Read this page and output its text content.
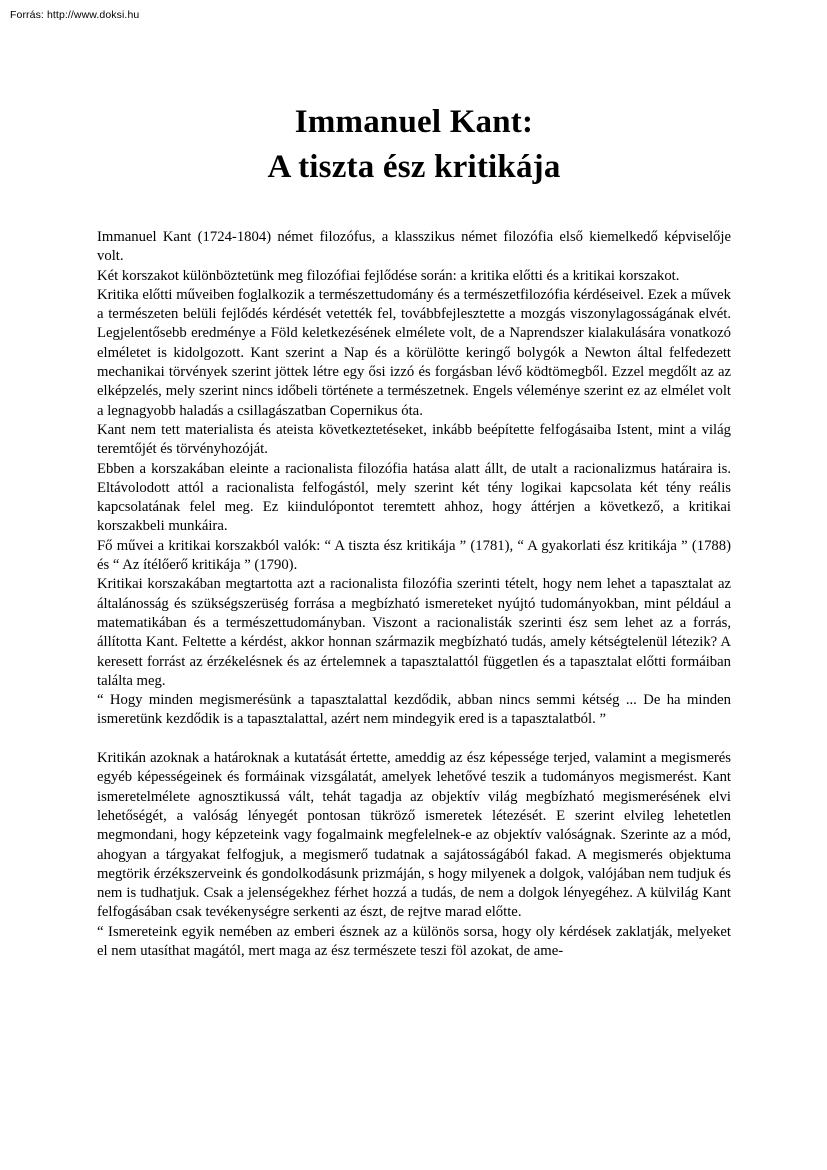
Forrás: http://www.doksi.hu
Immanuel Kant:
A tiszta ész kritikája

Immanuel Kant (1724-1804) német filozófus, a klasszikus német filozófia első kiemelkedő képviselője volt.

Két korszakot különböztetünk meg filozófiai fejlődése során: a kritika előtti és a kritikai korszakot.

Kritika előtti műveiben foglalkozik a természettudomány és a természetfilozófia kérdéseivel. Ezek a művek a természeten belüli fejlődés kérdését vetették fel, továbbfejlesztette a mozgás viszonylagosságának elvét. Legjelentősebb eredménye a Föld keletkezésének elmélete volt, de a Naprendszer kialakulására vonatkozó elméletet is kidolgozott. Kant szerint a Nap és a körülötte keringő bolygók a Newton által felfedezett mechanikai törvények szerint jöttek létre egy ősi izzó és forgásban lévő ködtömegből. Ezzel megdőlt az az elképzelés, mely szerint nincs időbeli története a természetnek. Engels véleménye szerint ez az elmélet volt a legnagyobb haladás a csillagászatban Copernikus óta.

Kant nem tett materialista és ateista következtetéseket, inkább beépítette felfogásaiba Istent, mint a világ teremtőjét és törvényhozóját.

Ebben a korszakában eleinte a racionalista filozófia hatása alatt állt, de utalt a racionalizmus határaira is. Eltávolodott attól a racionalista felfogástól, mely szerint két tény logikai kapcsolata két tény reális kapcsolatának felel meg. Ez kiindulópontot teremtett ahhoz, hogy áttérjen a következő, a kritikai korszakbeli munkáira.

Fő művei a kritikai korszakból valók: “ A tiszta ész kritikája ” (1781), “ A gyakorlati ész kritikája ” (1788) és “ Az ítélőerő kritikája ” (1790).

Kritikai korszakában megtartotta azt a racionalista filozófia szerinti tételt, hogy nem lehet a tapasztalat az általánosság és szükségszerüség forrása a megbízható ismereteket nyújtó tudományokban, mint például a matematikában és a természettudományban. Viszont a racionalisták szerinti ész sem lehet az a forrás, állította Kant. Feltette a kérdést, akkor honnan származik megbízható tudás, amely kétségtelenül létezik? A keresett forrást az érzékelésnek és az értelemnek a tapasztalattól független és a tapasztalat előtti formáiban találta meg.

“ Hogy minden megismerésünk a tapasztalattal kezdődik, abban nincs semmi kétség ... De ha minden ismeretünk kezdődik is a tapasztalattal, azért nem mindegyik ered is a tapasztalatból. ”

Kritikán azoknak a határoknak a kutatását értette, ameddig az ész képessége terjed, valamint a megismerés egyéb képességeinek és formáinak vizsgálatát, amelyek lehetővé teszik a tudományos megismerést. Kant ismeretelmélete agnosztikussá vált, tehát tagadja az objektív világ megbízható megismerésének elvi lehetőségét, a valóság lényegét pontosan tükröző ismeretek létezését. E szerint elvileg lehetetlen megmondani, hogy képzeteink vagy fogalmaink megfelelnek-e az objektív valóságnak. Szerinte az a mód, ahogyan a tárgyakat felfogjuk, a megismerő tudatnak a sajátosságából fakad. A megismerés objektuma megtörik érzékszerveink és gondolkodásunk prizmáján, s hogy milyenek a dolgok, valójában nem tudjuk és nem is tudhatjuk. Csak a jelenségekhez férhet hozzá a tudás, de nem a dolgok lényegéhez. A külvilág Kant felfogásában csak tevékenységre serkenti az észt, de rejtve marad előtte.

“ Ismereteink egyik nemében az emberi észnek az a különös sorsa, hogy oly kérdések zaklatják, melyeket el nem utasíthat magától, mert maga az ész természete teszi föl azokat, de ame-
